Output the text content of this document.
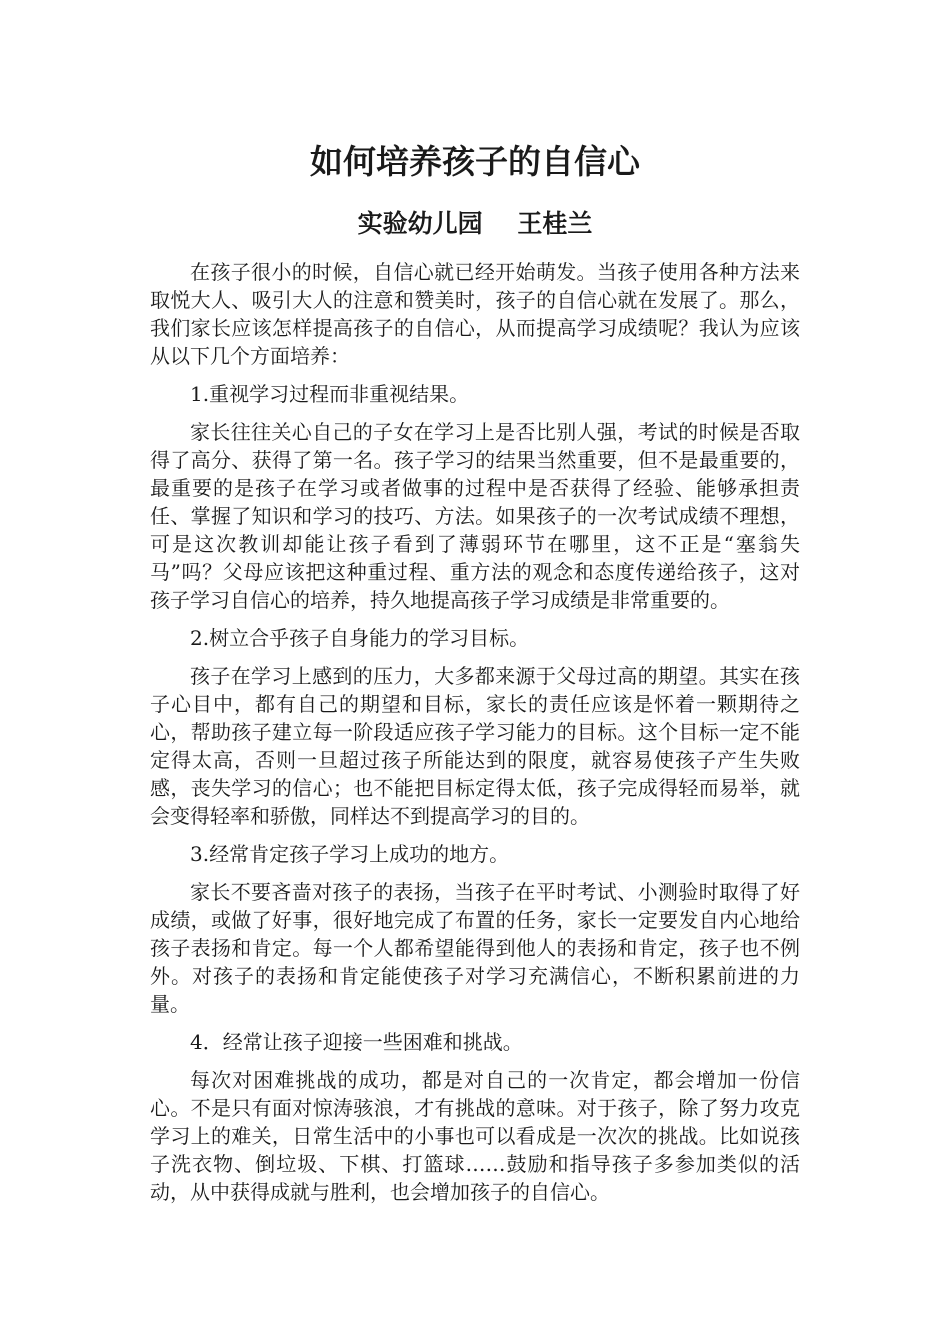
如何培养孩子的自信心
实验幼儿园    王桂兰

在孩子很小的时候，自信心就已经开始萌发。当孩子使用各种方法来取悦大人、吸引大人的注意和赞美时，孩子的自信心就在发展了。那么，我们家长应该怎样提高孩子的自信心，从而提高学习成绩呢？我认为应该从以下几个方面培养：

1.重视学习过程而非重视结果。

家长往往关心自己的子女在学习上是否比别人强，考试的时候是否取得了高分、获得了第一名。孩子学习的结果当然重要，但不是最重要的，最重要的是孩子在学习或者做事的过程中是否获得了经验、能够承担责任、掌握了知识和学习的技巧、方法。如果孩子的一次考试成绩不理想，可是这次教训却能让孩子看到了薄弱环节在哪里，这不正是“塞翁失马”吗？父母应该把这种重过程、重方法的观念和态度传递给孩子，这对孩子学习自信心的培养，持久地提高孩子学习成绩是非常重要的。

2.树立合乎孩子自身能力的学习目标。

孩子在学习上感到的压力，大多都来源于父母过高的期望。其实在孩子心目中，都有自己的期望和目标，家长的责任应该是怀着一颗期待之心，帮助孩子建立每一阶段适应孩子学习能力的目标。这个目标一定不能定得太高，否则一旦超过孩子所能达到的限度，就容易使孩子产生失败感，丧失学习的信心；也不能把目标定得太低，孩子完成得轻而易举，就会变得轻率和骄傲，同样达不到提高学习的目的。

3.经常肯定孩子学习上成功的地方。

家长不要吝啬对孩子的表扬，当孩子在平时考试、小测验时取得了好成绩，或做了好事，很好地完成了布置的任务，家长一定要发自内心地给孩子表扬和肯定。每一个人都希望能得到他人的表扬和肯定，孩子也不例外。对孩子的表扬和肯定能使孩子对学习充满信心，不断积累前进的力量。

4．经常让孩子迎接一些困难和挑战。

每次对困难挑战的成功，都是对自己的一次肯定，都会增加一份信心。不是只有面对惊涛骇浪，才有挑战的意味。对于孩子，除了努力攻克学习上的难关，日常生活中的小事也可以看成是一次次的挑战。比如说孩子洗衣物、倒垃圾、下棋、打篮球……鼓励和指导孩子多参加类似的活动，从中获得成就与胜利，也会增加孩子的自信心。
